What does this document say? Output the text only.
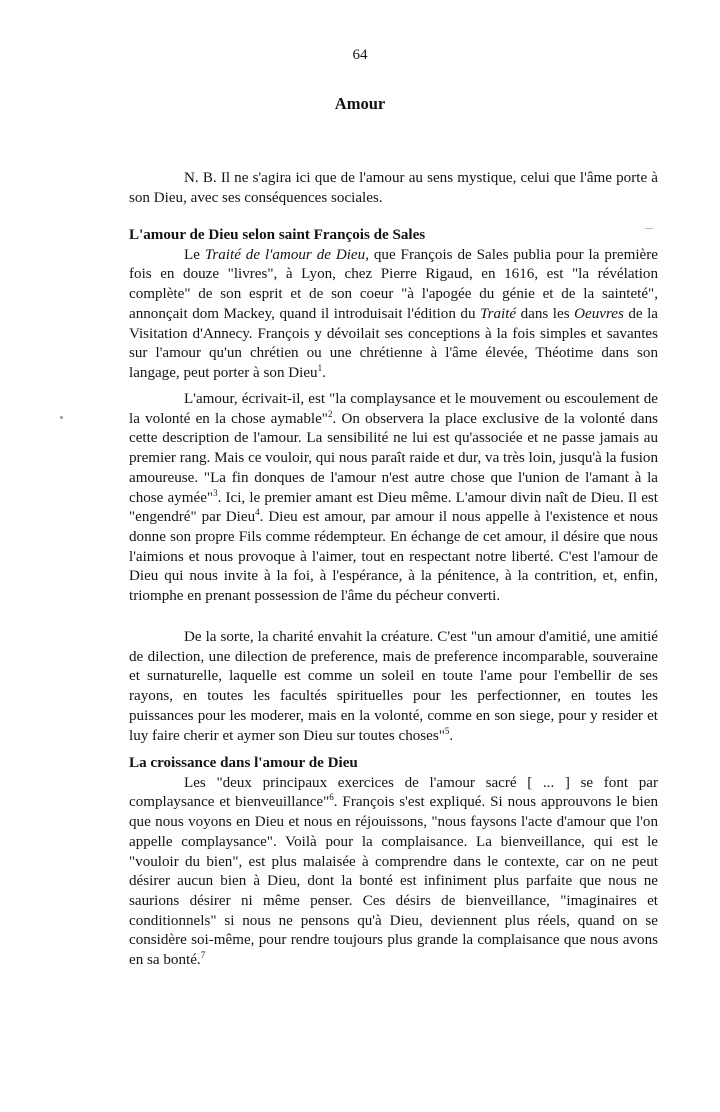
64
Amour

N. B. Il ne s'agira ici que de l'amour au sens mystique, celui que l'âme porte à son Dieu, avec ses conséquences sociales.

L'amour de Dieu selon saint François de Sales

Le Traité de l'amour de Dieu, que François de Sales publia pour la première fois en douze "livres", à Lyon, chez Pierre Rigaud, en 1616, est "la révélation complète" de son esprit et de son coeur "à l'apogée du génie et de la sainteté", annonçait dom Mackey, quand il introduisait l'édition du Traité dans les Oeuvres de la Visitation d'Annecy. François y dévoilait ses conceptions à la fois simples et savantes sur l'amour qu'un chrétien ou une chrétienne à l'âme élevée, Théotime dans son langage, peut porter à son Dieu$^1$.

L'amour, écrivait-il, est "la complaysance et le mouvement ou escoulement de la volonté en la chose aymable"$^2$. On observera la place exclusive de la volonté dans cette description de l'amour. La sensibilité ne lui est qu'associée et ne passe jamais au premier rang. Mais ce vouloir, qui nous paraît raide et dur, va très loin, jusqu'à la fusion amoureuse. "La fin donques de l'amour n'est autre chose que l'union de l'amant à la chose aymée"$^3$. Ici, le premier amant est Dieu même. L'amour divin naît de Dieu. Il est "engendré" par Dieu$^4$. Dieu est amour, par amour il nous appelle à l'existence et nous donne son propre Fils comme rédempteur. En échange de cet amour, il désire que nous l'aimions et nous provoque à l'aimer, tout en respectant notre liberté. C'est l'amour de Dieu qui nous invite à la foi, à l'espérance, à la pénitence, à la contrition, et, enfin, triomphe en prenant possession de l'âme du pécheur converti.

De la sorte, la charité envahit la créature. C'est "un amour d'amitié, une amitié de dilection, une dilection de preference, mais de preference incomparable, souveraine et surnaturelle, laquelle est comme un soleil en toute l'ame pour l'embellir de ses rayons, en toutes les facultés spirituelles pour les perfectionner, en toutes les puissances pour les moderer, mais en la volonté, comme en son siege, pour y resider et luy faire cherir et aymer son Dieu sur toutes choses"$^5$.

La croissance dans l'amour de Dieu

Les "deux principaux exercices de l'amour sacré [ ... ] se font par complaysance et bienveuillance"$^6$. François s'est expliqué. Si nous approuvons le bien que nous voyons en Dieu et nous en réjouissons, "nous faysons l'acte d'amour que l'on appelle complaysance". Voilà pour la complaisance. La bienveillance, qui est le "vouloir du bien", est plus malaisée à comprendre dans le contexte, car on ne peut désirer aucun bien à Dieu, dont la bonté est infiniment plus parfaite que nous ne saurions désirer ni même penser. Ces désirs de bienveillance, "imaginaires et conditionnels" si nous ne pensons qu'à Dieu, deviennent plus réels, quand on se considère soi-même, pour rendre toujours plus grande la complaisance que nous avons en sa bonté.$^7$
